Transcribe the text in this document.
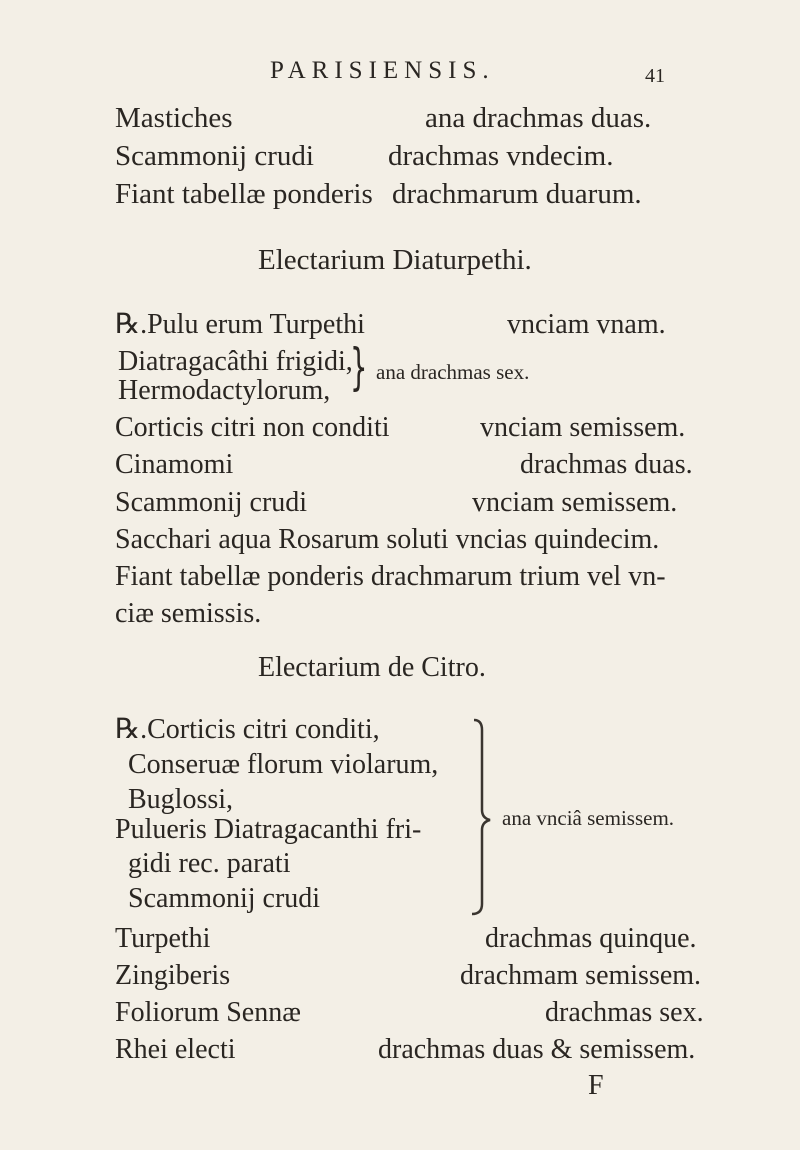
PARISIENSIS.	41
Mastiches	ana drachmas duas.
Scammonij crudi	drachmas vndecim.
Fiant tabellæ ponderis drachmarum duarum.
Electarium Diaturpethi.
℞.Pulu erum Turpethi	vnciam vnam.
Diatragacâthi frigidi,
Hermodactylorum, } ana drachmas sex.
Corticis citri non conditi	vnciam semissem.
Cinamomi	drachmas duas.
Scammonij crudi	vnciam semissem.
Sacchari aqua Rosarum soluti vncias quindecim.
Fiant tabellæ ponderis drachmarum trium vel vn-
ciæ semissis.
Electarium de Citro.
℞.Corticis citri conditi,
Conseruæ florum violarum,
Buglossi,
Pulueris Diatragacanthi fri-
gidi rec. parati
Scammonij crudi
ana vnciâ semissem.
Turpethi	drachmas quinque.
Zingiberis	drachmam semissem.
Foliorum Sennæ	drachmas sex.
Rhei electi	drachmas duas & semissem.
F
